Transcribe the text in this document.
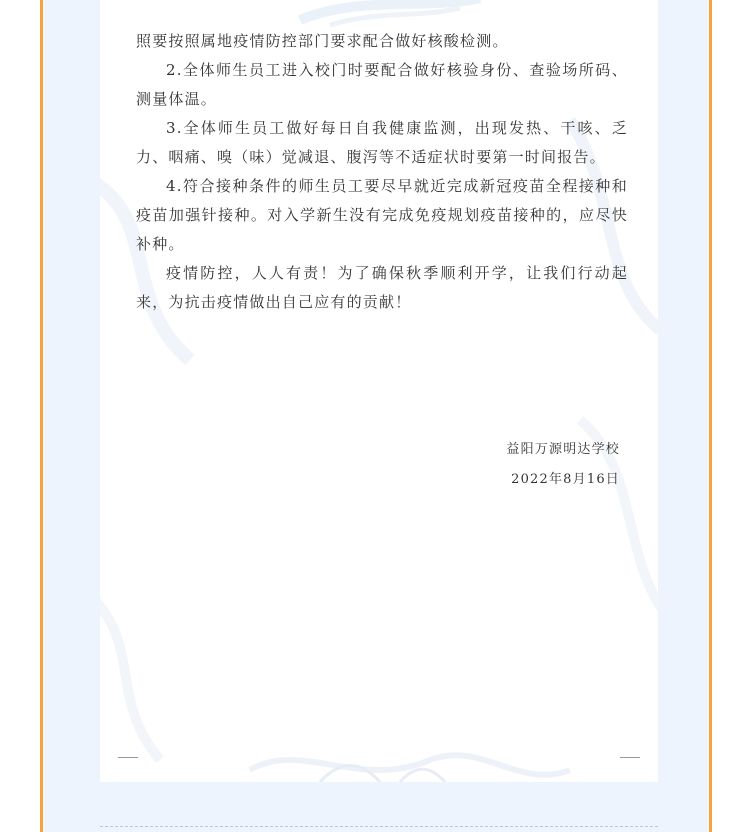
照要按照属地疫情防控部门要求配合做好核酸检测。

2.全体师生员工进入校门时要配合做好核验身份、查验场所码、测量体温。

3.全体师生员工做好每日自我健康监测，出现发热、干咳、乏力、咽痛、嗅（味）觉减退、腹泻等不适症状时要第一时间报告。

4.符合接种条件的师生员工要尽早就近完成新冠疫苗全程接种和疫苗加强针接种。对入学新生没有完成免疫规划疫苗接种的，应尽快补种。

疫情防控，人人有责！为了确保秋季顺利开学，让我们行动起来，为抗击疫情做出自己应有的贡献！

益阳万源明达学校

2022年8月16日
